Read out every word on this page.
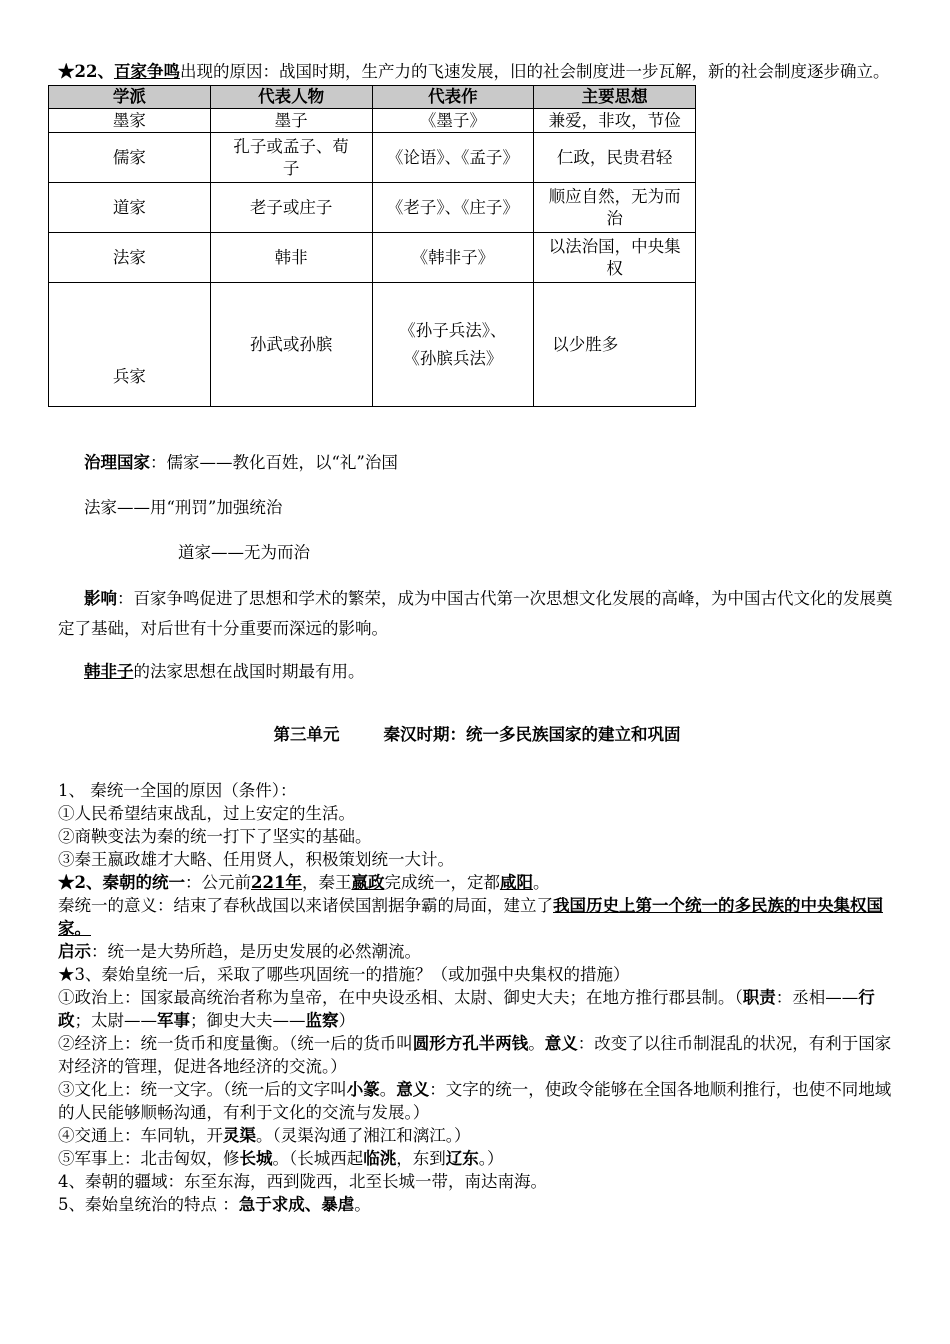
★22、百家争鸣出现的原因：战国时期，生产力的飞速发展，旧的社会制度进一步瓦解，新的社会制度逐步确立。

学派	代表人物	代表作	主要思想
墨家	墨子	《墨子》	兼爱，非攻，节俭
儒家	孔子或孟子、荀子	《论语》、《孟子》	仁政，民贵君轻
道家	老子或庄子	《老子》、《庄子》	顺应自然，无为而治
法家	韩非	《韩非子》	以法治国，中央集权
兵家	孙武或孙膑	《孙子兵法》、《孙膑兵法》	以少胜多
治理国家：儒家——教化百姓，以“礼”治国
法家——用“刑罚”加强统治
道家——无为而治

影响：百家争鸣促进了思想和学术的繁荣，成为中国古代第一次思想文化发展的高峰，为中国古代文化的发展奠定了基础，对后世有十分重要而深远的影响。

韩非子的法家思想在战国时期最有用。

第三单元	秦汉时期：统一多民族国家的建立和巩固

1、 秦统一全国的原因（条件）：

①人民希望结束战乱，过上安定的生活。

②商鞅变法为秦的统一打下了坚实的基础。

③秦王嬴政雄才大略、任用贤人，积极策划统一大计。

★2、秦朝的统一：公元前221年，秦王嬴政完成统一，定都咸阳。

秦统一的意义：结束了春秋战国以来诸侯国割据争霸的局面，建立了我国历史上第一个统一的多民族的中央集权国家。

启示：统一是大势所趋，是历史发展的必然潮流。

★3、秦始皇统一后，采取了哪些巩固统一的措施？（或加强中央集权的措施）

①政治上：国家最高统治者称为皇帝，在中央设丞相、太尉、御史大夫；在地方推行郡县制。（职责：丞相——行政；太尉——军事；御史大夫——监察）

②经济上：统一货币和度量衡。（统一后的货币叫圆形方孔半两钱。意义：改变了以往币制混乱的状况，有利于国家对经济的管理，促进各地经济的交流。）

③文化上：统一文字。（统一后的文字叫小篆。意义：文字的统一，使政令能够在全国各地顺利推行，也使不同地域的人民能够顺畅沟通，有利于文化的交流与发展。）

④交通上：车同轨，开灵渠。（灵渠沟通了湘江和漓江。）

⑤军事上：北击匈奴，修长城。（长城西起临洮，东到辽东。）

4、秦朝的疆域：东至东海，西到陇西，北至长城一带，南达南海。

5、秦始皇统治的特点 ：急于求成、暴虐。
